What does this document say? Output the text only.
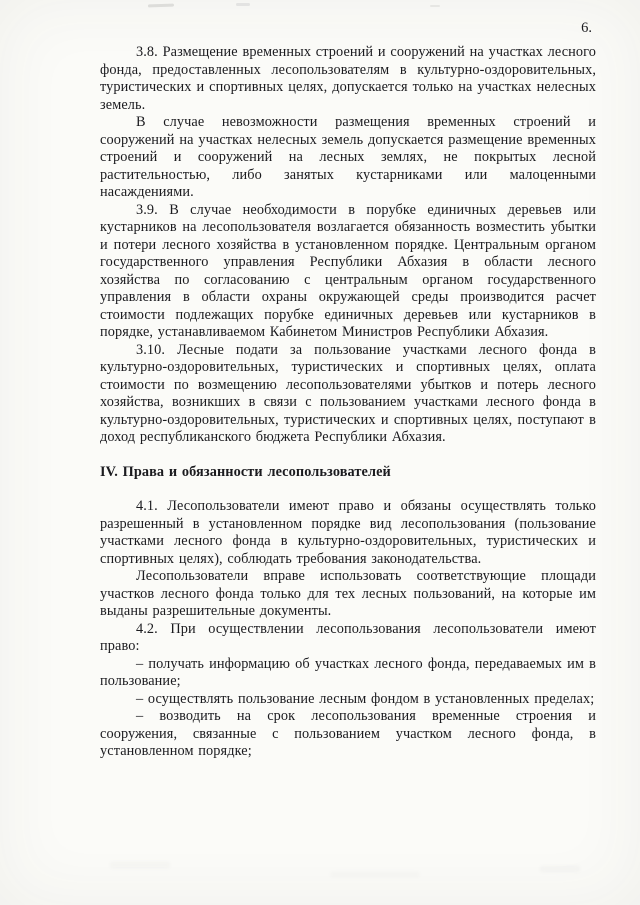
6.

3.8. Размещение временных строений и сооружений на участках лесного фонда, предоставленных лесопользователям в культурно-оздоровительных, туристических и спортивных целях, допускается только на участках нелесных земель.

В случае невозможности размещения временных строений и сооружений на участках нелесных земель допускается размещение временных строений и сооружений на лесных землях, не покрытых лесной растительностью, либо занятых кустарниками или малоценными насаждениями.

3.9. В случае необходимости в порубке единичных деревьев или кустарников на лесопользователя возлагается обязанность возместить убытки и потери лесного хозяйства в установленном порядке. Центральным органом государственного управления Республики Абхазия в области лесного хозяйства по согласованию с центральным органом государственного управления в области охраны окружающей среды производится расчет стоимости подлежащих порубке единичных деревьев или кустарников в порядке, устанавливаемом Кабинетом Министров Республики Абхазия.

3.10. Лесные подати за пользование участками лесного фонда в культурно-оздоровительных, туристических и спортивных целях, оплата стоимости по возмещению лесопользователями убытков и потерь лесного хозяйства, возникших в связи с пользованием участками лесного фонда в культурно-оздоровительных, туристических и спортивных целях, поступают в доход республиканского бюджета Республики Абхазия.

IV. Права и обязанности лесопользователей

4.1. Лесопользователи имеют право и обязаны осуществлять только разрешенный в установленном порядке вид лесопользования (пользование участками лесного фонда в культурно-оздоровительных, туристических и спортивных целях), соблюдать требования законодательства.

Лесопользователи вправе использовать соответствующие площади участков лесного фонда только для тех лесных пользований, на которые им выданы разрешительные документы.

4.2. При осуществлении лесопользования лесопользователи имеют право:

– получать информацию об участках лесного фонда, передаваемых им в пользование;

– осуществлять пользование лесным фондом в установленных пределах;

– возводить на срок лесопользования временные строения и сооружения, связанные с пользованием участком лесного фонда, в установленном порядке;
